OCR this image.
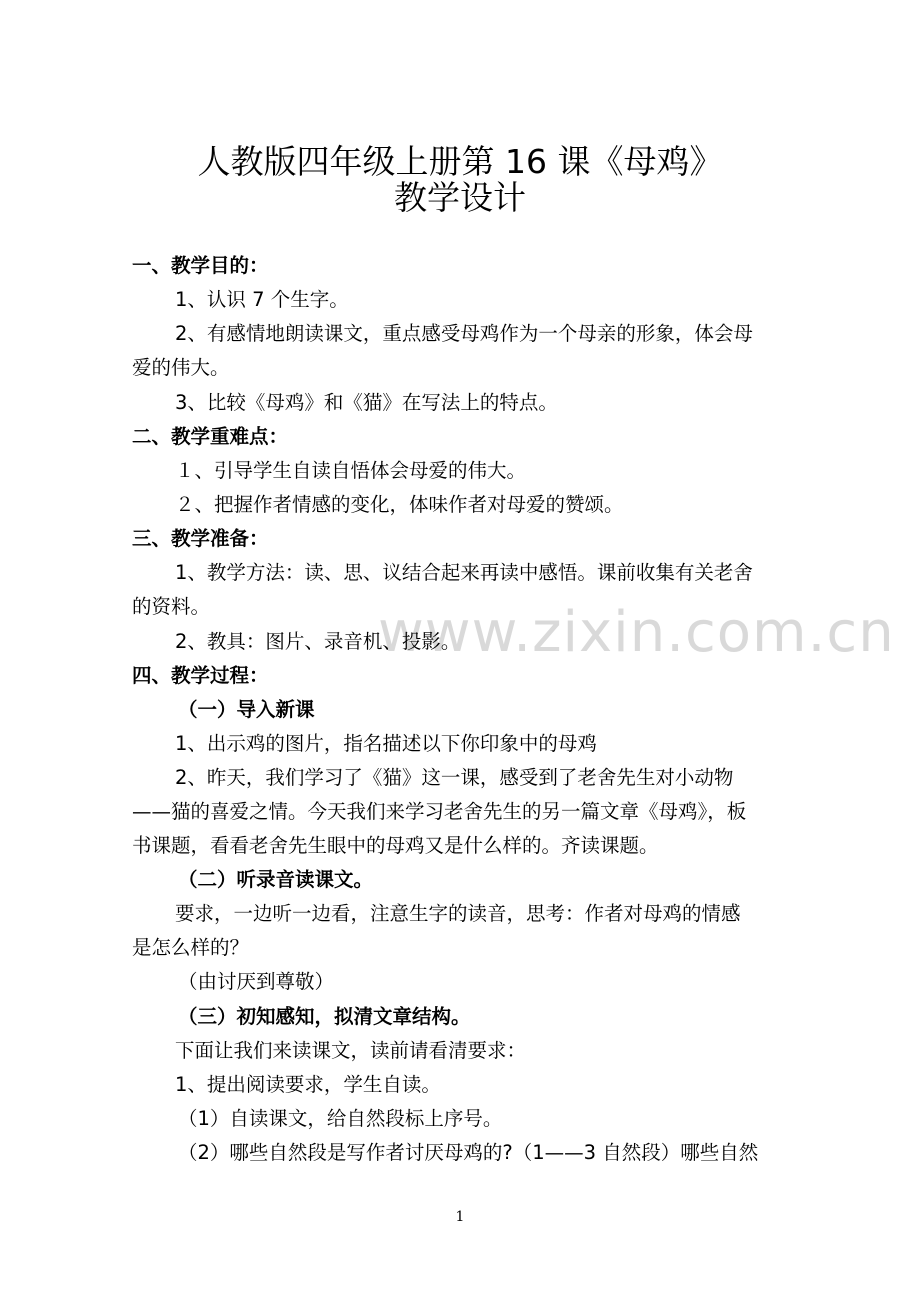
人教版四年级上册第 16 课《母鸡》
教学设计
www.zixin.com.cn
一、教学目的：
1、认识 7 个生字。
2、有感情地朗读课文，重点感受母鸡作为一个母亲的形象，体会母
爱的伟大。
3、比较《母鸡》和《猫》在写法上的特点。
二、教学重难点：
１、引导学生自读自悟体会母爱的伟大。
２、把握作者情感的变化，体味作者对母爱的赞颂。
三、教学准备：
1、教学方法：读、思、议结合起来再读中感悟。课前收集有关老舍
的资料。
2、教具：图片、录音机、投影。
四、教学过程：
（一）导入新课
1、出示鸡的图片，指名描述以下你印象中的母鸡
2、昨天，我们学习了《猫》这一课，感受到了老舍先生对小动物
——猫的喜爱之情。今天我们来学习老舍先生的另一篇文章《母鸡》，板
书课题，看看老舍先生眼中的母鸡又是什么样的。齐读课题。
（二）听录音读课文。
要求，一边听一边看，注意生字的读音，思考：作者对母鸡的情感
是怎么样的？
（由讨厌到尊敬）
（三）初知感知，拟清文章结构。
下面让我们来读课文，读前请看清要求：
1、提出阅读要求，学生自读。
（1）自读课文，给自然段标上序号。
（2）哪些自然段是写作者讨厌母鸡的?（1——3 自然段）哪些自然
1
